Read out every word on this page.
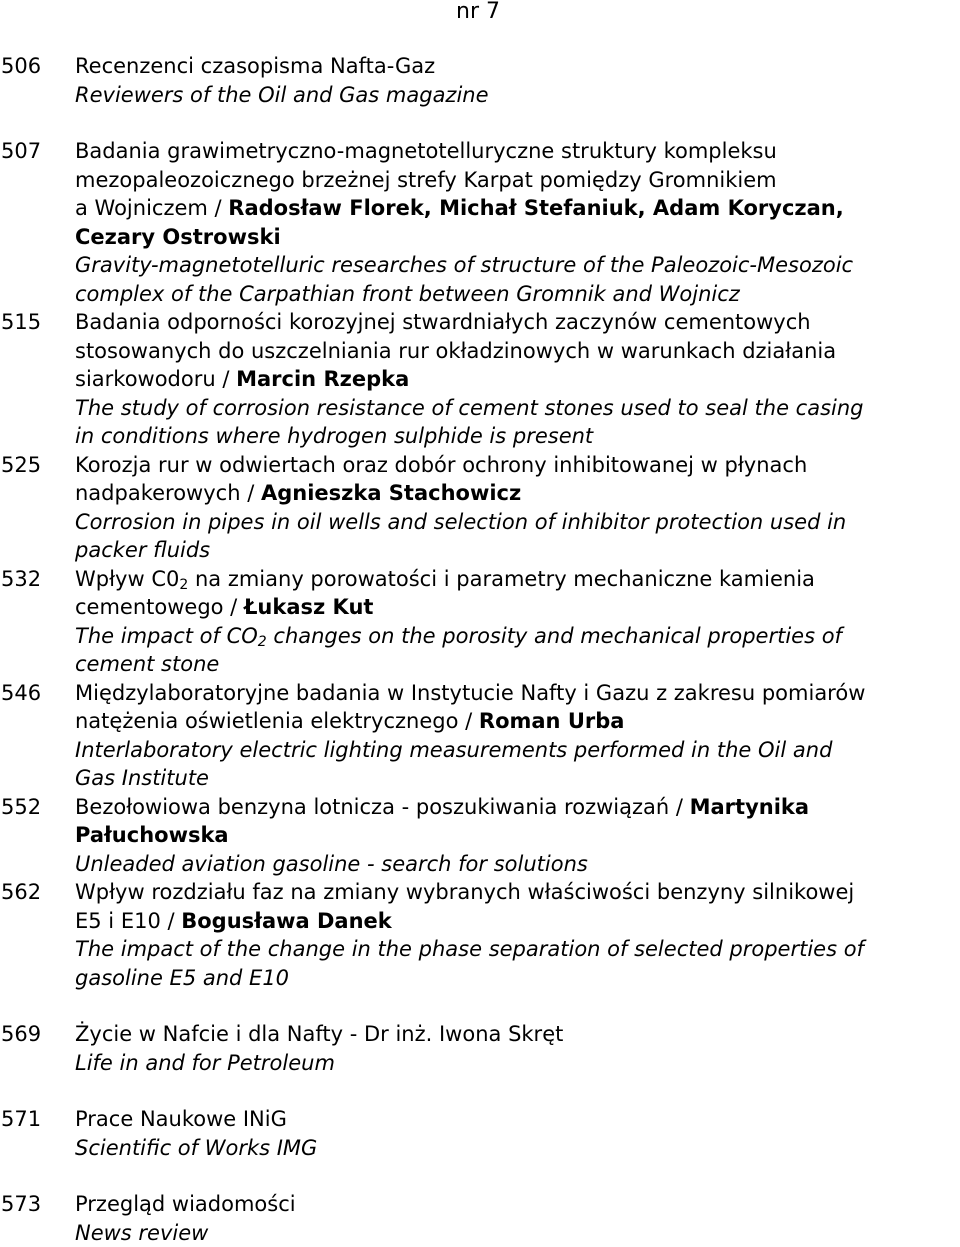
nr 7
506 Recenzenci czasopisma Nafta-Gaz
Reviewers of the Oil and Gas magazine
507 Badania grawimetryczno-magnetotelluryczne struktury kompleksu
mezopaleozoicznego brzeżnej strefy Karpat pomiędzy Gromnikiem
a Wojniczem / Radosław Florek, Michał Stefaniuk, Adam Koryczan,
Cezary Ostrowski
Gravity-magnetotelluric researches of structure of the Paleozoic-Mesozoic
complex of the Carpathian front between Gromnik and Wojnicz
515 Badania odporności korozyjnej stwardniałych zaczynów cementowych
stosowanych do uszczelniania rur okładzinowych w warunkach działania
siarkowodoru / Marcin Rzepka
The study of corrosion resistance of cement stones used to seal the casing
in conditions where hydrogen sulphide is present
525 Korozja rur w odwiertach oraz dobór ochrony inhibitowanej w płynach
nadpakerowych / Agnieszka Stachowicz
Corrosion in pipes in oil wells and selection of inhibitor protection used in
packer fluids
532 Wpływ $C0_2$ na zmiany porowatości i parametry mechaniczne kamienia
cementowego / Łukasz Kut
The impact of $CO_2$ changes on the porosity and mechanical properties of
cement stone
546 Międzylaboratoryjne badania w Instytucie Nafty i Gazu z zakresu pomiarów
natężenia oświetlenia elektrycznego / Roman Urba
Interlaboratory electric lighting measurements performed in the Oil and
Gas Institute
552 Bezołowiowa benzyna lotnicza - poszukiwania rozwiązań / Martynika
Pałuchowska
Unleaded aviation gasoline - search for solutions
562 Wpływ rozdziału faz na zmiany wybranych właściwości benzyny silnikowej
E5 i E10 / Bogusława Danek
The impact of the change in the phase separation of selected properties of
gasoline E5 and E10
569 Życie w Nafcie i dla Nafty - Dr inż. Iwona Skręt
Life in and for Petroleum
571 Prace Naukowe INiG
Scientific of Works IMG
573 Przegląd wiadomości
News review
